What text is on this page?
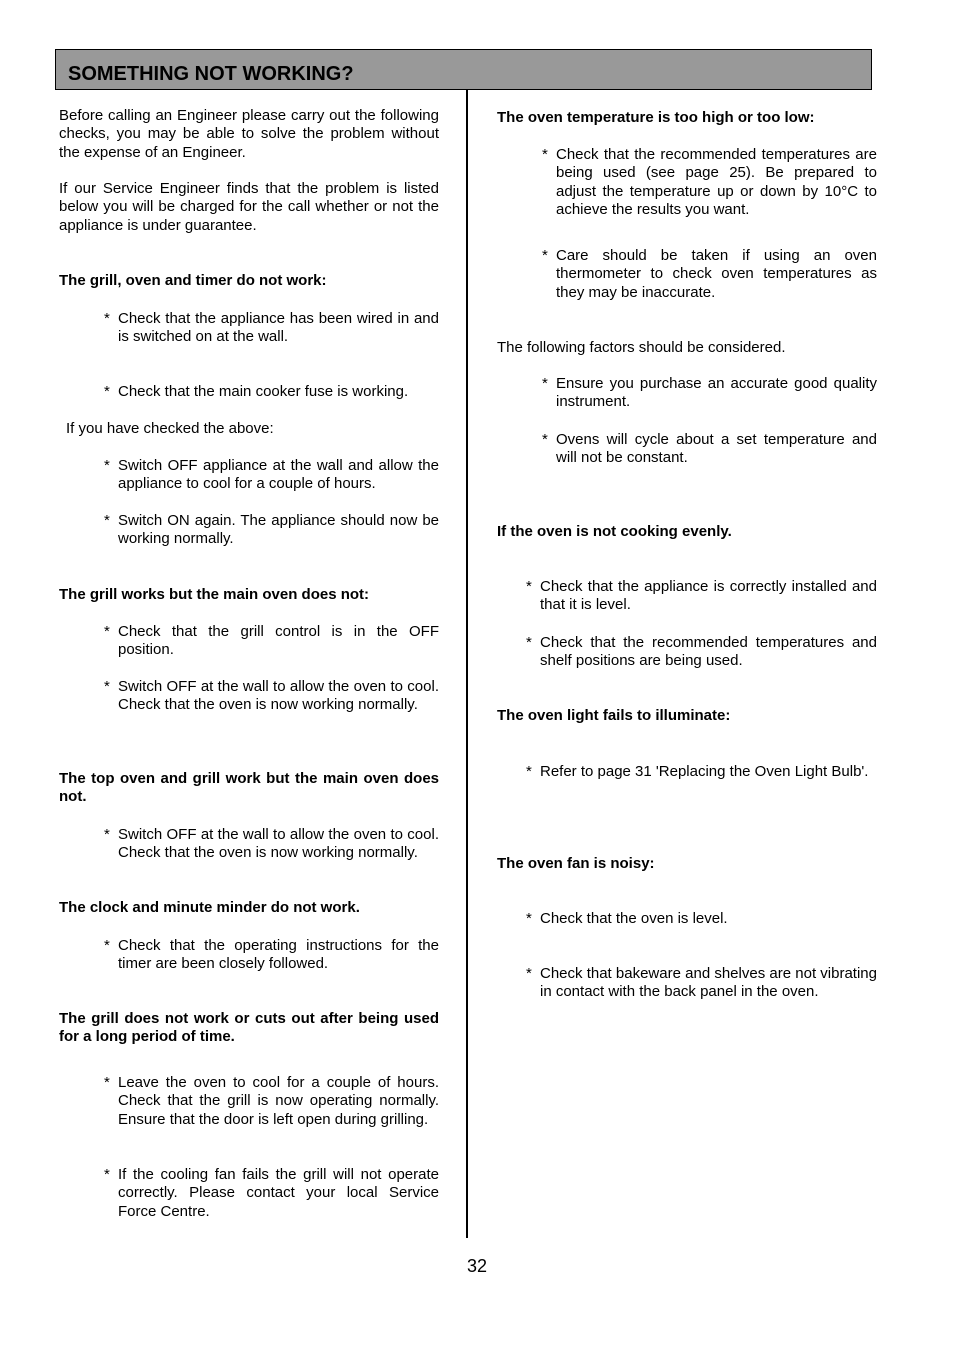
SOMETHING NOT WORKING?

Before calling an Engineer please carry out the following checks, you may be able to solve the problem without the expense of an Engineer.

If our Service Engineer finds that the problem is listed below you will be charged for the call whether or not the appliance is under guarantee.

The grill, oven and timer do not work:

* Check that the appliance has been wired in and is switched on at the wall.

* Check that the main cooker fuse is working.

If you have checked the above:

* Switch OFF appliance at the wall and allow the appliance to cool for a couple of hours.

* Switch ON again. The appliance should now be working normally.

The grill works but the main oven does not:

* Check that the grill control is in the OFF position.

* Switch OFF at the wall to allow the oven to cool. Check that the oven is now working normally.

The top oven and grill work but the main oven does not.

* Switch OFF at the wall to allow the oven to cool. Check that the oven is now working normally.

The clock and minute minder do not work.

* Check that the operating instructions for the timer are been closely followed.

The grill does not work or cuts out after being used for a long period of time.

* Leave the oven to cool for a couple of hours. Check that the grill is now operating normally. Ensure that the door is left open during grilling.

* If the cooling fan fails the grill will not operate correctly. Please contact your local Service Force Centre.

The oven temperature is too high or too low:

* Check that the recommended temperatures are being used (see page 25). Be prepared to adjust the temperature up or down by 10°C to achieve the results you want.

* Care should be taken if using an oven thermometer to check oven temperatures as they may be inaccurate.

The following factors should be considered.

* Ensure you purchase an accurate good quality instrument.

* Ovens will cycle about a set temperature and will not be constant.

If the oven is not cooking evenly.

* Check that the appliance is correctly installed and that it is level.

* Check that the recommended temperatures and shelf positions are being used.

The oven light fails to illuminate:

* Refer to page 31 'Replacing the Oven Light Bulb'.

The oven fan is noisy:

* Check that the oven is level.

* Check that bakeware and shelves are not vibrating in contact with the back panel in the oven.

32
